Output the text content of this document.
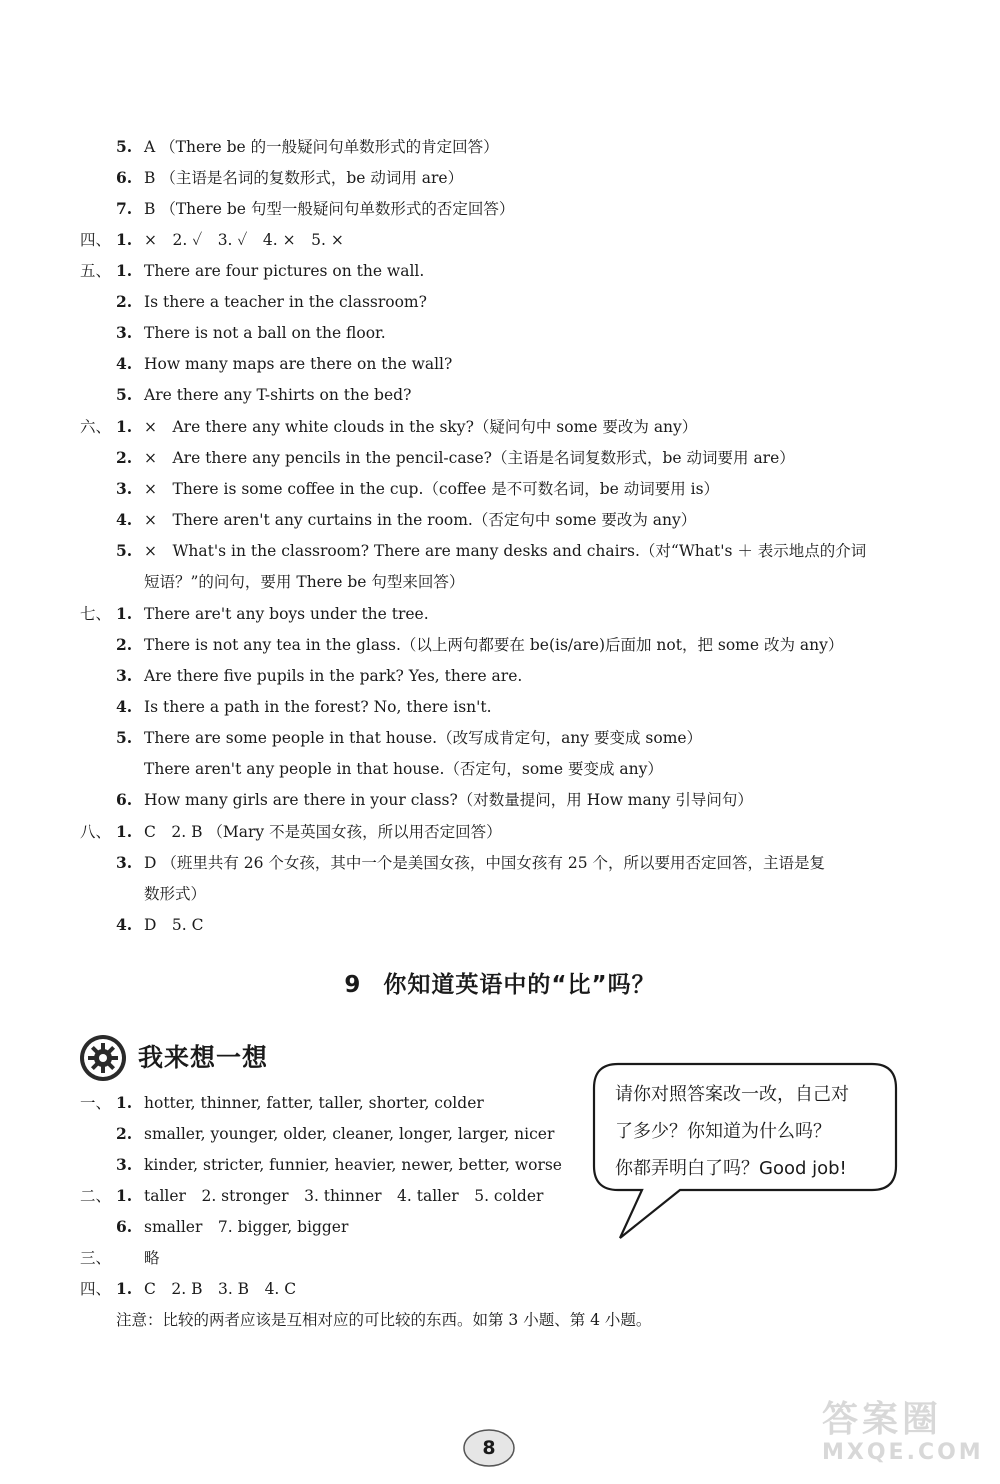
5. A （There be 的一般疑问句单数形式的肯定回答）
6. B （主语是名词的复数形式，be 动词用 are）
7. B （There be 句型一般疑问句单数形式的否定回答）
四、 1. ×　2. ✓　3. ✓　4. ×　5. ×
五、 1. There are four pictures on the wall.
2. Is there a teacher in the classroom?
3. There is not a ball on the floor.
4. How many maps are there on the wall?
5. Are there any T-shirts on the bed?
六、 1. ×　Are there any white clouds in the sky?（疑问句中 some 要改为 any）
2. ×　Are there any pencils in the pencil-case?（主语是名词复数形式，be 动词要用 are）
3. ×　There is some coffee in the cup.（coffee 是不可数名词，be 动词要用 is）
4. ×　There aren't any curtains in the room.（否定句中 some 要改为 any）
5. ×　What's in the classroom? There are many desks and chairs.（对“What's ＋ 表示地点的介词
短语？”的问句，要用 There be 句型来回答）
七、 1. There are't any boys under the tree.
2. There is not any tea in the glass.（以上两句都要在 be(is/are)后面加 not，把 some 改为 any）
3. Are there five pupils in the park? Yes, there are.
4. Is there a path in the forest? No, there isn't.
5. There are some people in that house.（改写成肯定句，any 要变成 some）
There aren't any people in that house.（否定句，some 要变成 any）
6. How many girls are there in your class?（对数量提问，用 How many 引导问句）
八、 1. C　2. B （Mary 不是英国女孩，所以用否定回答）
3. D （班里共有 26 个女孩，其中一个是美国女孩，中国女孩有 25 个，所以要用否定回答，主语是复
数形式）
4. D　5. C
一、 1. hotter, thinner, fatter, taller, shorter, colder
2. smaller, younger, older, cleaner, longer, larger, nicer
3. kinder, stricter, funnier, heavier, newer, better, worse
二、 1. taller　2. stronger　3. thinner　4. taller　5. colder
6. smaller　7. bigger, bigger
三、 略
四、 1. C　2. B　3. B　4. C
9 你知道英语中的“比”吗？
我来想一想
请你对照答案改一改，自己对
了多少？你知道为什么吗？
你都弄明白了吗？Good job!
注意：比较的两者应该是互相对应的可比较的东西。如第 3 小题、第 4 小题。
8
答案圈
MXQE.COM
